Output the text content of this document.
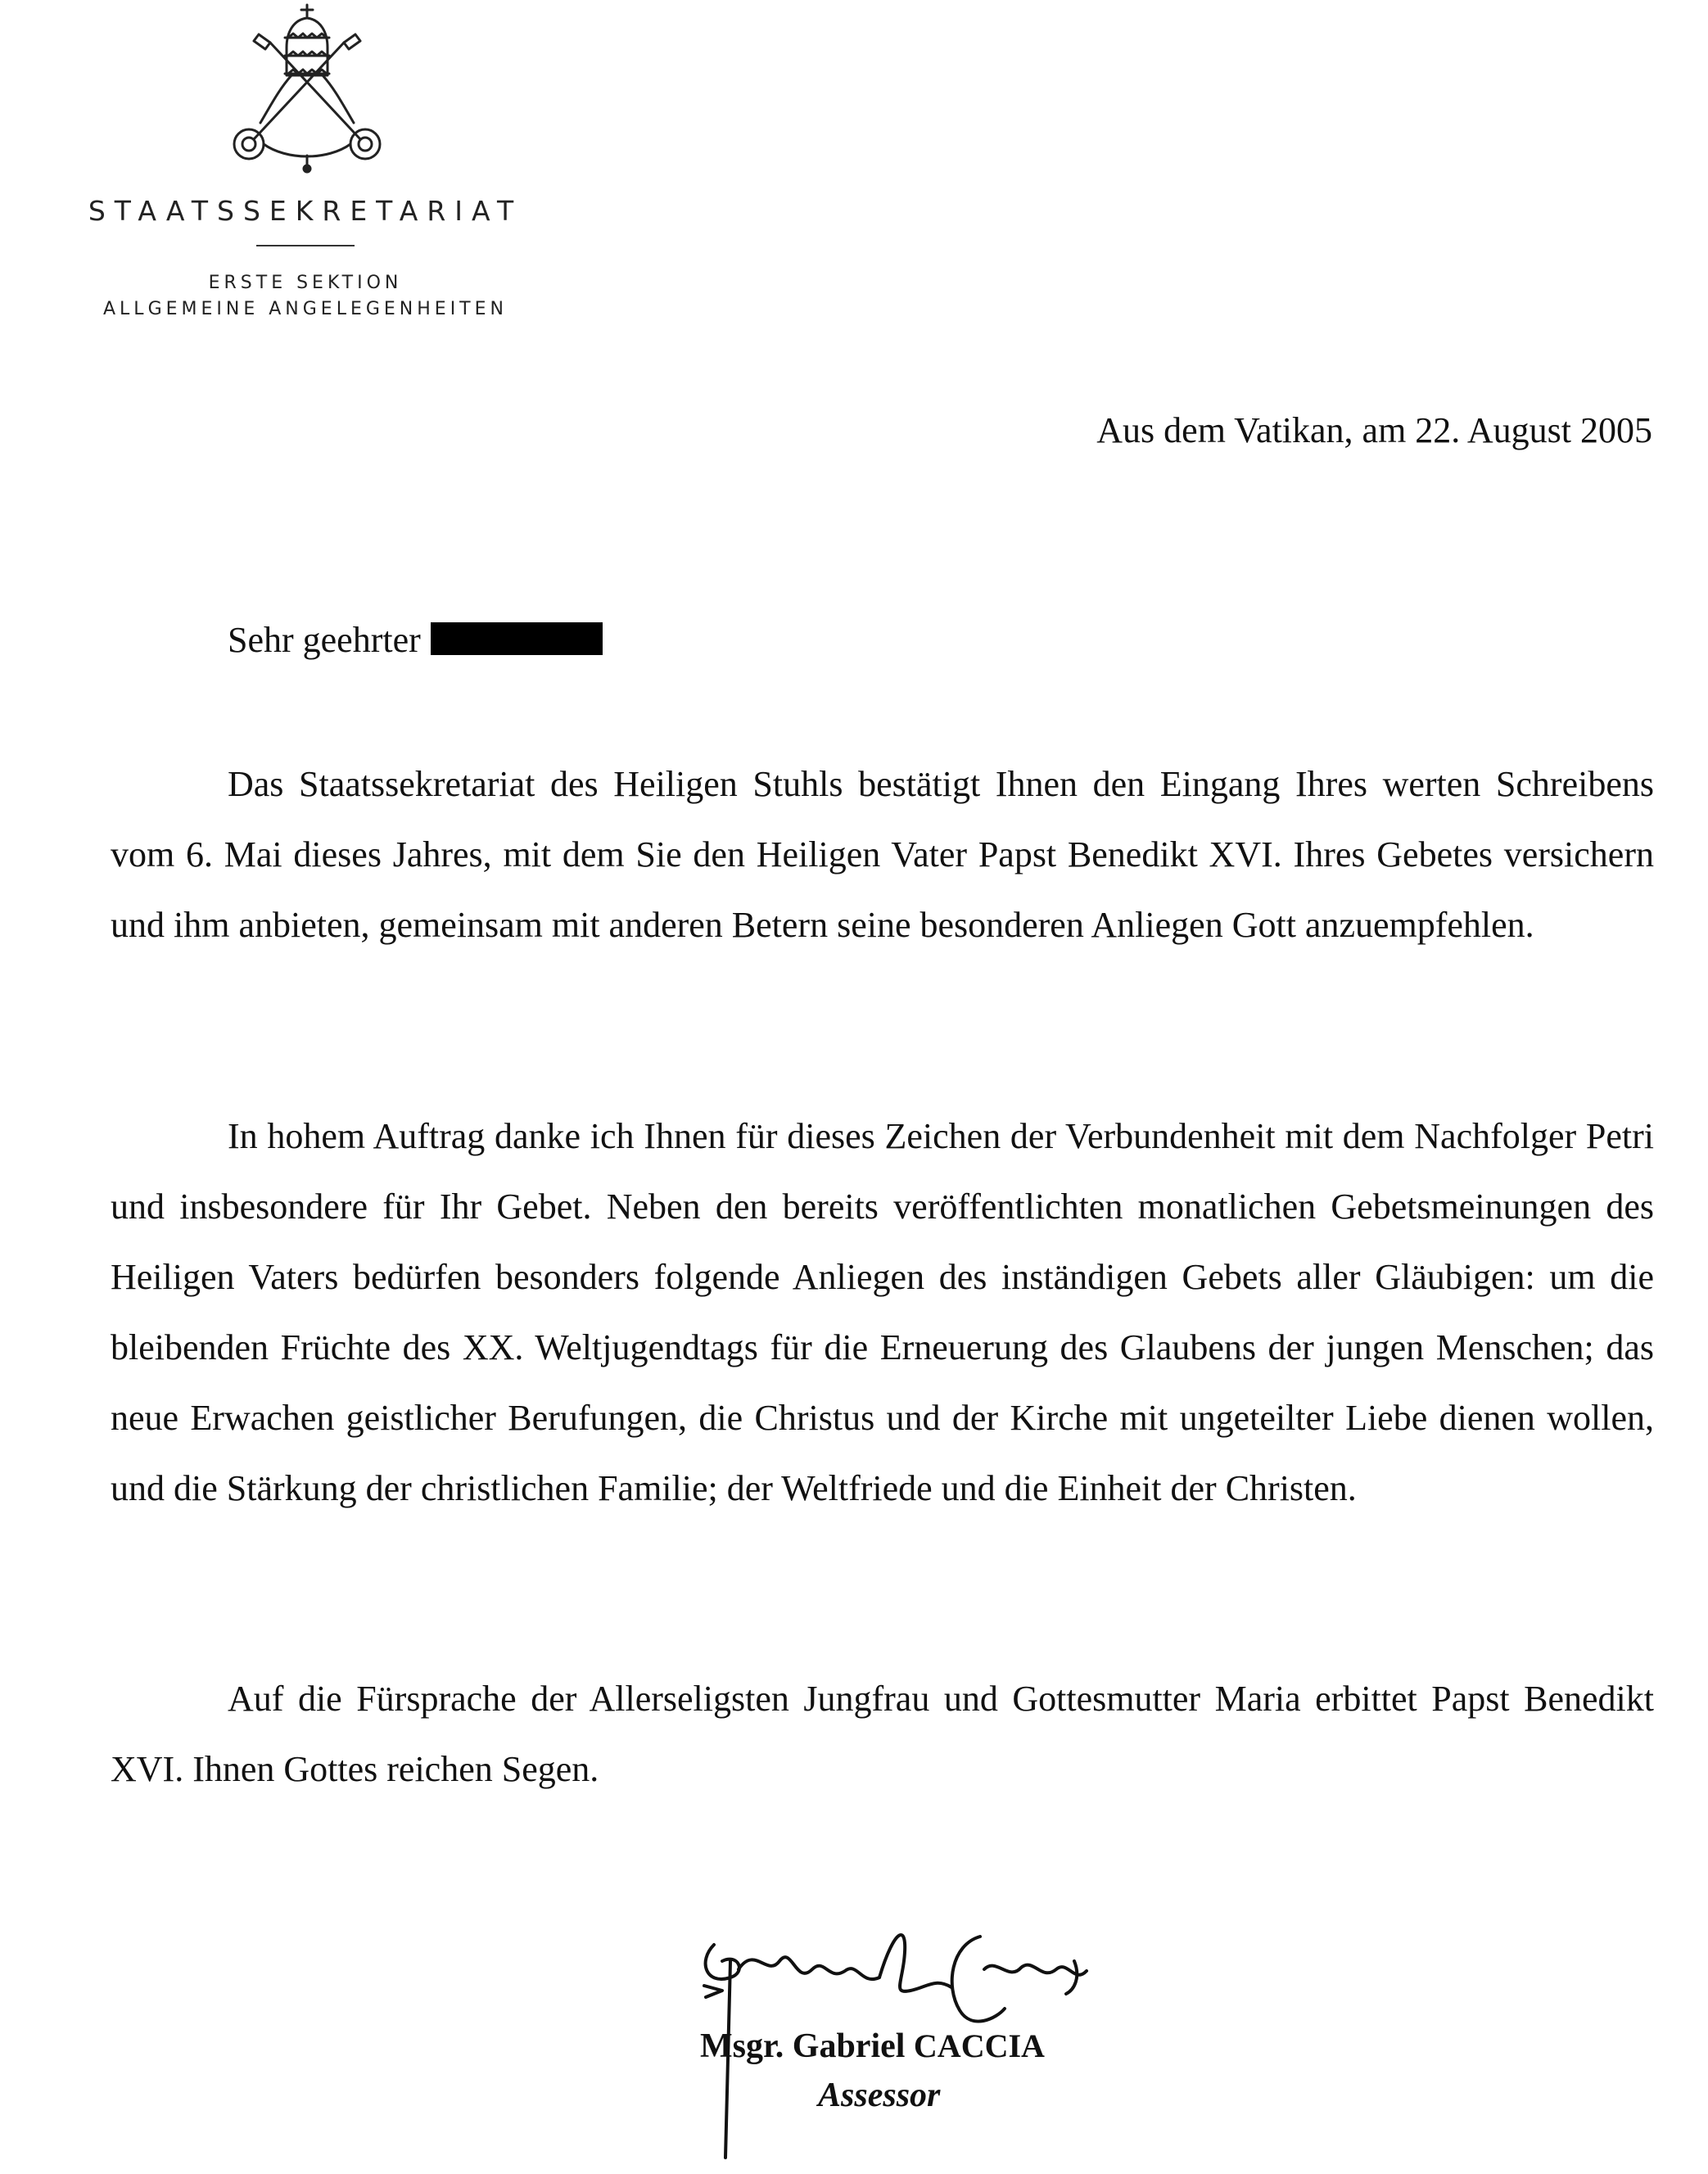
STAATSSEKRETARIAT
ERSTE SEKTION
ALLGEMEINE ANGELEGENHEITEN
Aus dem Vatikan, am 22. August 2005
Sehr geehrter

Das Staatssekretariat des Heiligen Stuhls bestätigt Ihnen den Eingang Ihres werten Schreibens vom 6. Mai dieses Jahres, mit dem Sie den Heiligen Vater Papst Benedikt XVI. Ihres Gebetes versichern und ihm anbieten, gemeinsam mit anderen Betern seine besonderen Anliegen Gott anzuempfehlen.

In hohem Auftrag danke ich Ihnen für dieses Zeichen der Verbundenheit mit dem Nachfolger Petri und insbesondere für Ihr Gebet. Neben den bereits veröffentlichten monatlichen Gebetsmeinungen des Heiligen Vaters bedürfen besonders folgende Anliegen des inständigen Gebets aller Gläubigen: um die bleibenden Früchte des XX. Weltjugendtags für die Erneuerung des Glaubens der jungen Menschen; das neue Erwachen geistlicher Berufungen, die Christus und der Kirche mit ungeteilter Liebe dienen wollen, und die Stärkung der christlichen Familie; der Weltfriede und die Einheit der Christen.

Auf die Fürsprache der Allerseligsten Jungfrau und Gottesmutter Maria erbittet Papst Benedikt XVI. Ihnen Gottes reichen Segen.

Msgr. Gabriel CACCIA
Assessor
